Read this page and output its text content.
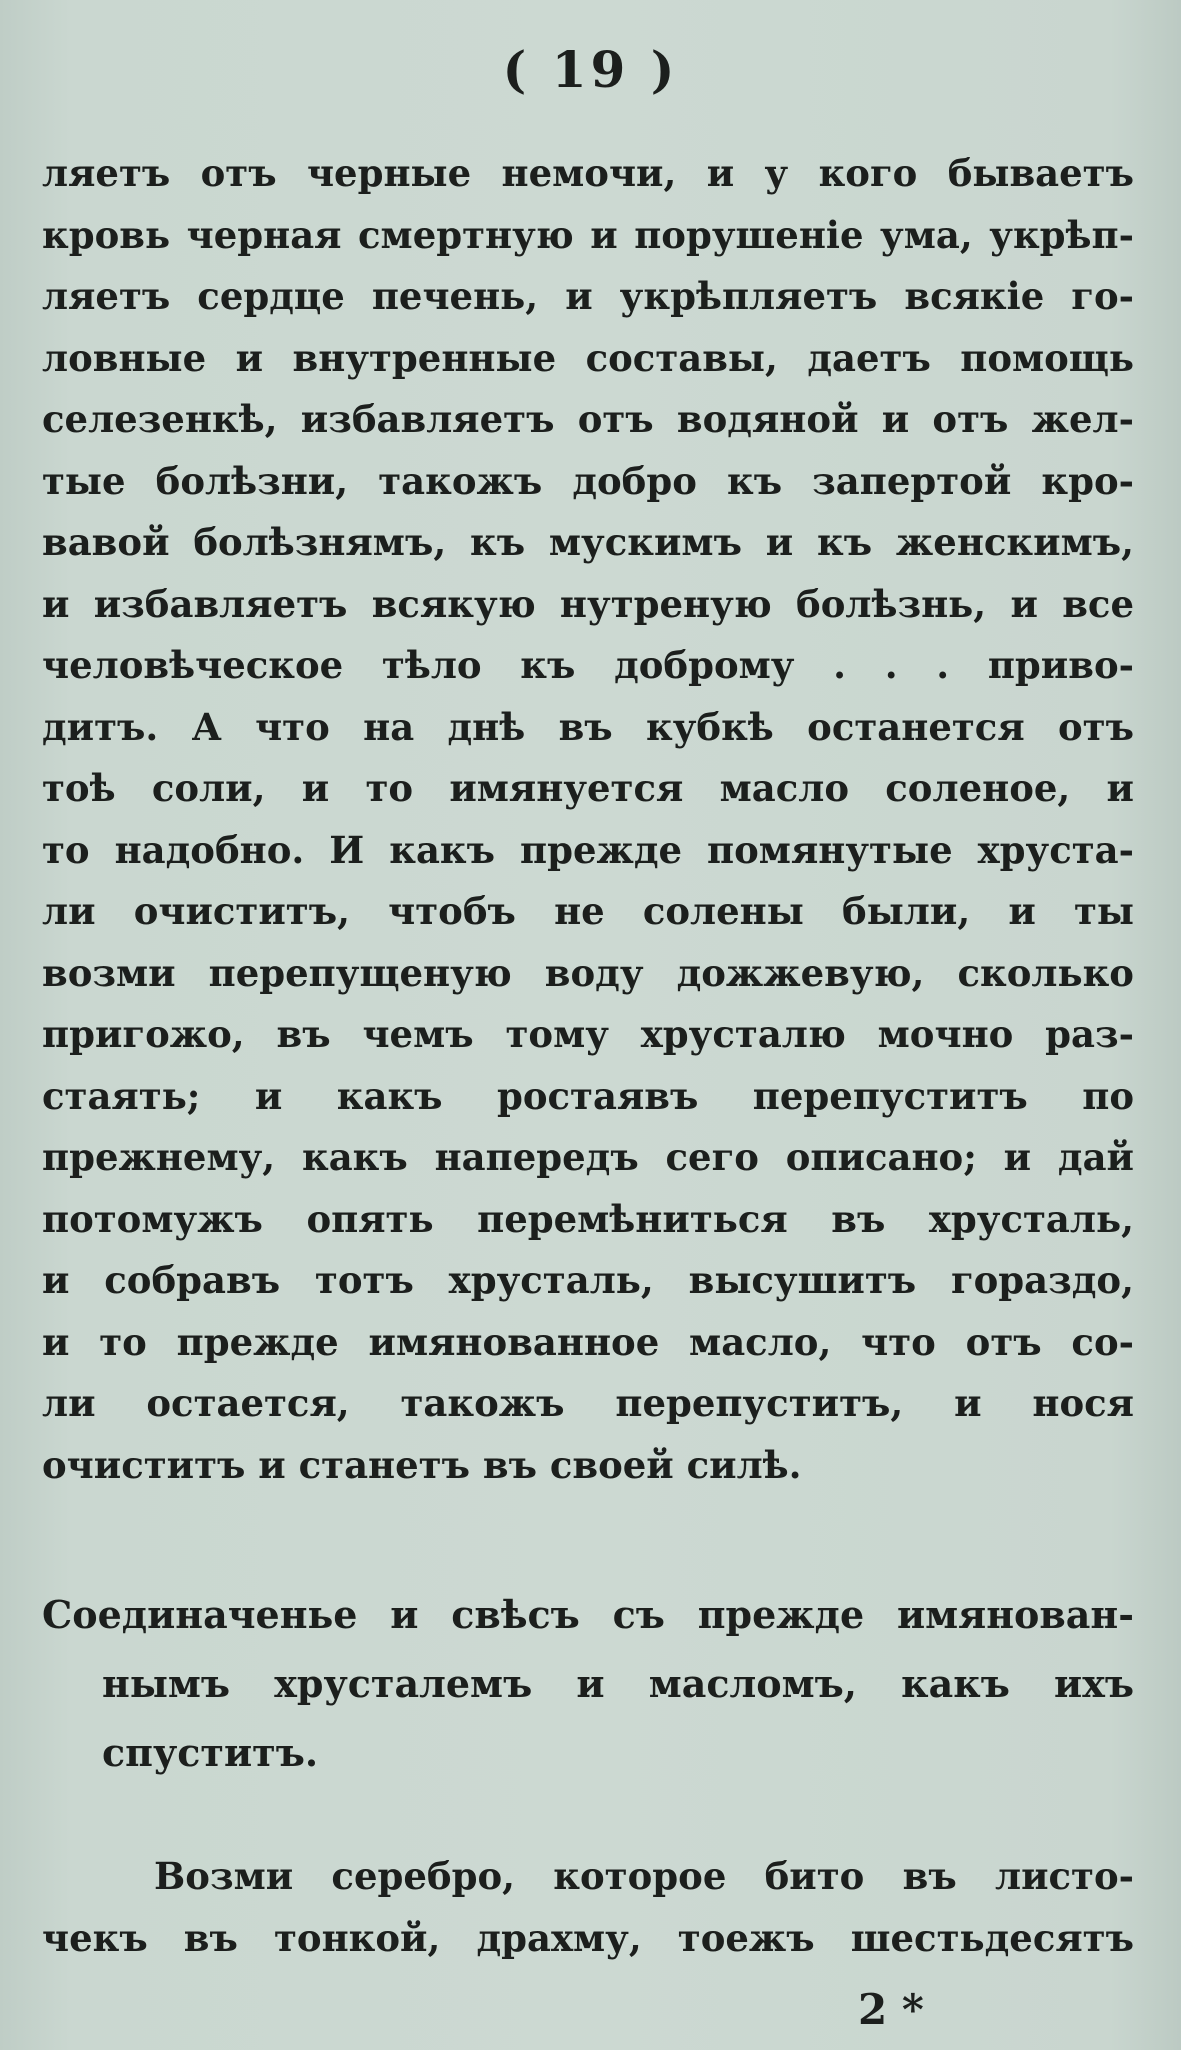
( 19 )
ляетъ отъ черные немочи, и у кого бываетъ
кровь черная смертную и порушеніе ума, укрѣп-
ляетъ сердце печень, и укрѣпляетъ всякіе го-
ловные и внутренные составы, даетъ помощь
селезенкѣ, избавляетъ отъ водяной и отъ жел-
тые болѣзни, такожъ добро къ запертой кро-
вавой болѣзнямъ, къ мускимъ и къ женскимъ,
и избавляетъ всякую нутреную болѣзнь, и все
человѣческое тѣло къ доброму . . . приво-
дитъ. А что на днѣ въ кубкѣ останется отъ
тоѣ соли, и то имянуется масло соленое, и
то надобно. И какъ прежде помянутые хруста-
ли очиститъ, чтобъ не солены были, и ты
возми перепущеную воду дожжевую, сколько
пригожо, въ чемъ тому хрусталю мочно раз-
стаять; и какъ ростаявъ перепуститъ по
прежнему, какъ напередъ сего описано; и дай
потомужъ опять перемѣниться въ хрусталь,
и собравъ тотъ хрусталь, высушитъ гораздо,
и то прежде имянованное масло, что отъ со-
ли остается, такожъ перепуститъ, и нося
очиститъ и станетъ въ своей силѣ.
Соединаченье и свѣсъ съ прежде имянован-
нымъ хрусталемъ и масломъ, какъ ихъ
спуститъ.
Возми серебро, которое бито въ листо-
чекъ въ тонкой, драхму, тоежъ шестьдесятъ
2 *
